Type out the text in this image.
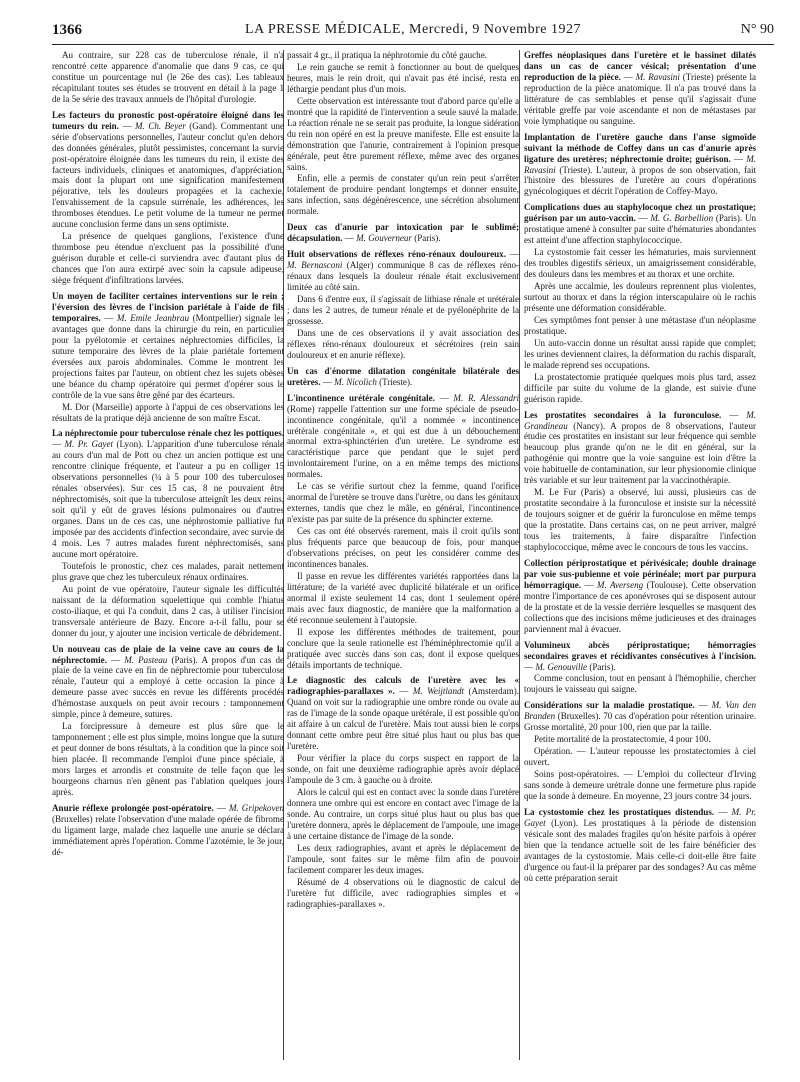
1366	LA PRESSE MÉDICALE, Mercredi, 9 Novembre 1927	N° 90

Au contraire, sur 228 cas de tuberculose rénale, il n'a rencontré cette apparence d'anomalie que dans 9 cas, ce qui constitue un pourcentage nul (le 26e des cas). Les tableaux récapitulant toutes ses études se trouvent en détail à la page 1 de la 5e série des travaux annuels de l'hôpital d'urologie.

Les facteurs du pronostic post-opératoire éloigné dans les tumeurs du rein. — M. Ch. Beyer (Gand). Commentant une série d'observations personnelles, l'auteur conclut qu'en dehors des données générales, plutôt pessimistes, concernant la survie post-opératoire éloignée dans les tumeurs du rein, il existe des facteurs individuels, cliniques et anatomiques, d'appréciation, mais dont la plupart ont une signification manifestement péjorative, tels les douleurs propagées et la cachexie, l'envahissement de la capsule surrénale, les adhérences, les thromboses étendues. Le petit volume de la tumeur ne permet aucune conclusion ferme dans un sens optimiste.

La présence de quelques ganglions, l'existence d'une thrombose peu étendue n'excluent pas la possibilité d'une guérison durable et celle-ci surviendra avec d'autant plus de chances que l'on aura extirpé avec soin la capsule adipeuse, siège fréquent d'infiltrations larvées.

Un moyen de faciliter certaines interventions sur le rein ; l'éversion des lèvres de l'incision pariétale à l'aide de fils temporaires. — M. Emile Jeanbrau (Montpellier) signale les avantages que donne dans la chirurgie du rein, en particulier pour la pyélotomie et certaines néphrectomies difficiles, la suture temporaire des lèvres de la plaie pariétale fortement éversées aux parois abdominales. Comme le montrent les projections faites par l'auteur, on obtient chez les sujets obèses une béance du champ opératoire qui permet d'opérer sous le contrôle de la vue sans être gêné par des écarteurs.

M. Dor (Marseille) apporte à l'appui de ces observations les résultats de la pratique déjà ancienne de son maître Escat.

La néphrectomie pour tuberculose rénale chez les pottiques. — M. Pr. Gayet (Lyon). L'apparition d'une tuberculose rénale au cours d'un mal de Pott ou chez un ancien pottique est une rencontre clinique fréquente, et l'auteur a pu en colliger 15 observations personnelles (¼ à 5 pour 100 des tuberculoses rénales observées). Sur ces 15 cas, 8 ne pouvaient être néphrectomisés, soit que la tuberculose atteignît les deux reins, soit qu'il y eût de graves lésions pulmonaires ou d'autres organes. Dans un de ces cas, une néphrostomie palliative fut imposée par des accidents d'infection secondaire, avec survie de 4 mois. Les 7 autres malades furent néphrectomisés, sans aucune mort opératoire.

Toutefois le pronostic, chez ces malades, parait nettement plus grave que chez les tuberculeux rénaux ordinaires.

Au point de vue opératoire, l'auteur signale les difficultés naissant de la déformation squelettique qui comble l'hiatus costo-iliaque, et qui l'a conduit, dans 2 cas, à utiliser l'incision transversale antérieure de Bazy. Encore a-t-il fallu, pour se donner du jour, y ajouter une incision verticale de débridement.

Un nouveau cas de plaie de la veine cave au cours de la néphrectomie. — M. Pasteau (Paris). A propos d'un cas de plaie de la veine cave en fin de néphrectomie pour tuberculose rénale, l'auteur qui a employé à cette occasion la pince à demeure passe avec succès en revue les différents procédés d'hémostase auxquels on peut avoir recours : tamponnement simple, pince à demeure, sutures.

La forcipressure à demeure est plus sûre que le tamponnement ; elle est plus simple, moins longue que la suture et peut donner de bons résultats, à la condition que la pince soit bien placée. Il recommande l'emploi d'une pince spéciale, à mors larges et arrondis et construite de telle façon que les bourgeons charnus n'en gênent pas l'ablation quelques jours après.

Anurie réflexe prolongée post-opératoire. — M. Gripekoven (Bruxelles) relate l'observation d'une malade opérée de fibrome du ligament large, malade chez laquelle une anurie se déclara immédiatement après l'opération. Comme l'azotémie, le 3e jour, dé-

passait 4 gr., il pratiqua la néphrotomie du côté gauche.

Le rein gauche se remit à fonctionner au bout de quelques heures, mais le rein droit, qui n'avait pas été incisé, resta en léthargie pendant plus d'un mois.

Cette observation est intéressante tout d'abord parce qu'elle a montré que la rapidité de l'intervention a seule sauvé la malade. La réaction rénale ne se serait pas produite, la longue sidération du rein non opéré en est la preuve manifeste. Elle est ensuite la démonstration que l'anurie, contrairement à l'opinion presque générale, peut être purement réflexe, même avec des organes sains.

Enfin, elle a permis de constater qu'un rein peut s'arrêter totalement de produire pendant longtemps et donner ensuite, sans infection, sans dégénérescence, une sécrétion absolument normale.

Deux cas d'anurie par intoxication par le sublimé; décapsulation. — M. Gouverneur (Paris).

Huit observations de réflexes réno-rénaux douloureux. — M. Bernasconi (Alger) communique 8 cas de réflexes réno-rénaux dans lesquels la douleur rénale était exclusivement limitée au côté sain.

Dans 6 d'entre eux, il s'agissait de lithiase rénale et urétérale ; dans les 2 autres, de tumeur rénale et de pyélonéphrite de la grossesse.

Dans une de ces observations il y avait association des réflexes réno-rénaux douloureux et sécrétoires (rein sain douloureux et en anurie réflexe).

Un cas d'énorme dilatation congénitale bilatérale des uretères. — M. Nicolich (Trieste).

L'incontinence urétérale congénitale. — M. R. Alessandri (Rome) rappelle l'attention sur une forme spéciale de pseudo-incontinence congénitale, qu'il a nommée « incontinence urétérale congénitale », et qui est due à un débouchement anormal extra-sphinctérien d'un uretère. Le syndrome est caractéristique parce que pendant que le sujet perd involontairement l'urine, on a en même temps des mictions normales.

Le cas se vérifie surtout chez la femme, quand l'orifice anormal de l'uretère se trouve dans l'urètre, ou dans les génitaux externes, tandis que chez le mâle, en général, l'incontinence n'existe pas par suite de la présence du sphincter externe.

Ces cas ont été observés rarement, mais il croit qu'ils sont plus fréquents parce que beaucoup de fois, pour manque d'observations précises, on peut les considérer comme des incontinences banales.

Il passe en revue les différentes variétés rapportées dans la littérature; de la variété avec duplicité bilatérale et un orifice anormal il existe seulement 14 cas, dont 1 seulement opéré mais avec faux diagnostic, de manière que la malformation a été reconnue seulement à l'autopsie.

Il expose les différentes méthodes de traitement, pour conclure que la seule rationelle est l'héminéphrectomie qu'il a pratiquée avec succès dans son cas, dont il expose quelques détails importants de technique.

Le diagnostic des calculs de l'uretère avec les « radiographies-parallaxes ». — M. Weijtlandt (Amsterdam). Quand on voit sur la radiographie une ombre ronde ou ovale au ras de l'image de la sonde opaque urétérale, il est possible qu'on ait affaire à un calcul de l'uretère. Mais tout aussi bien le corps donnant cette ombre peut être situé plus haut ou plus bas que l'uretère.

Pour vérifier la place du corps suspect en rapport de la sonde, on fait une deuxième radiographie après avoir déplacé l'ampoule de 3 cm. à gauche ou à droite.

Alors le calcul qui est en contact avec la sonde dans l'uretère donnera une ombre qui est encore en contact avec l'image de la sonde. Au contraire, un corps situé plus haut ou plus bas que l'uretère donnera, après le déplacement de l'ampoule, une image à une certaine distance de l'image de la sonde.

Les deux radiographies, avant et après le déplacement de l'ampoule, sont faites sur le même film afin de pouvoir facilement comparer les deux images.

Résumé de 4 observations où le diagnostic de calcul de l'uretère fut difficile, avec radiographies simples et « radiographies-parallaxes ».

Greffes néoplasiques dans l'uretère et le bassinet dilatés dans un cas de cancer vésical; présentation d'une reproduction de la pièce. — M. Ravasini (Trieste) présente la reproduction de la pièce anatomique. Il n'a pas trouvé dans la littérature de cas semblables et pense qu'il s'agissait d'une véritable greffe par voie ascendante et non de métastases par voie lymphatique ou sanguine.

Implantation de l'uretère gauche dans l'anse sigmoïde suivant la méthode de Coffey dans un cas d'anurie après ligature des uretères; néphrectomie droite; guérison. — M. Ravasini (Trieste). L'auteur, à propos de son observation, fait l'histoire des blessures de l'uretère au cours d'opérations gynécologiques et décrit l'opération de Coffey-Mayo.

Complications dues au staphylocoque chez un prostatique; guérison par un auto-vaccin. — M. G. Barbellion (Paris). Un prostatique amené à consulter par suite d'hématuries abondantes est atteint d'une affection staphylococcique.

La cystostomie fait cesser les hématuries, mais surviennent des troubles digestifs sérieux, un amaigrissement considérable, des douleurs dans les membres et au thorax et une orchite.

Après une accalmie, les douleurs reprennent plus violentes, surtout au thorax et dans la région interscapulaire où le rachis présente une déformation considérable.

Ces symptômes font penser à une métastase d'un néoplasme prostatique.

Un auto-vaccin donne un résultat aussi rapide que complet; les urines deviennent claires, la déformation du rachis disparaît, le malade reprend ses occupations.

La prostatectomie pratiquée quelques mois plus tard, assez difficile par suite du volume de la glande, est suivie d'une guérison rapide.

Les prostatites secondaires à la furonculose. — M. Grandineau (Nancy). A propos de 8 observations, l'auteur étudie ces prostatites en insistant sur leur fréquence qui semble beaucoup plus grande qu'on ne le dit en général, sur la pathogénie qui montre que la voie sanguine est loin d'être la voie habituelle de contamination, sur leur physionomie clinique très variable et sur leur traitement par la vaccinothérapie.

M. Le Fur (Paris) a observé, lui aussi, plusieurs cas de prostatite secondaire à la furonculose et insiste sur la nécessité de toujours soigner et de guérir la furonculose en même temps que la prostatite. Dans certains cas, on ne peut arriver, malgré tous les traitements, à faire disparaître l'infection staphylococcique, même avec le concours de tous les vaccins.

Collection périprostatique et périvésicale; double drainage par voie sus-pubienne et voie périnéale; mort par purpura hémorragique. — M. Averseng (Toulouse). Cette observation montre l'importance de ces aponévroses qui se disposent autour de la prostate et de la vessie derrière lesquelles se masquent des collections que des incisions même judicieuses et des drainages parviennent mal à évacuer.

Volumineux abcès périprostatique; hémorragies secondaires graves et récidivantes consécutives à l'incision. — M. Genouville (Paris).

Comme conclusion, tout en pensant à l'hémophilie, chercher toujours le vaisseau qui saigne.

Considérations sur la maladie prostatique. — M. Van den Branden (Bruxelles). 70 cas d'opération pour rétention urinaire. Grosse mortalité, 20 pour 100, rien que par la taille.

Petite mortalité de la prostatectomie, 4 pour 100.

Opération. — L'auteur repousse les prostatectomies à ciel ouvert.

Soins post-opératoires. — L'emploi du collecteur d'Irving sans sonde à demeure urétrale donne une fermeture plus rapide que la sonde à demeure. En moyenne, 23 jours contre 34 jours.

La cystostomie chez les prostatiques distendus. — M. Pr. Gayet (Lyon). Les prostatiques à la période de distension vésicale sont des malades fragiles qu'on hésite parfois à opérer bien que la tendance actuelle soit de les faire bénéficier des avantages de la cystostomie. Mais celle-ci doit-elle être faite d'urgence ou faut-il la préparer par des sondages? Au cas même où cette préparation serait
